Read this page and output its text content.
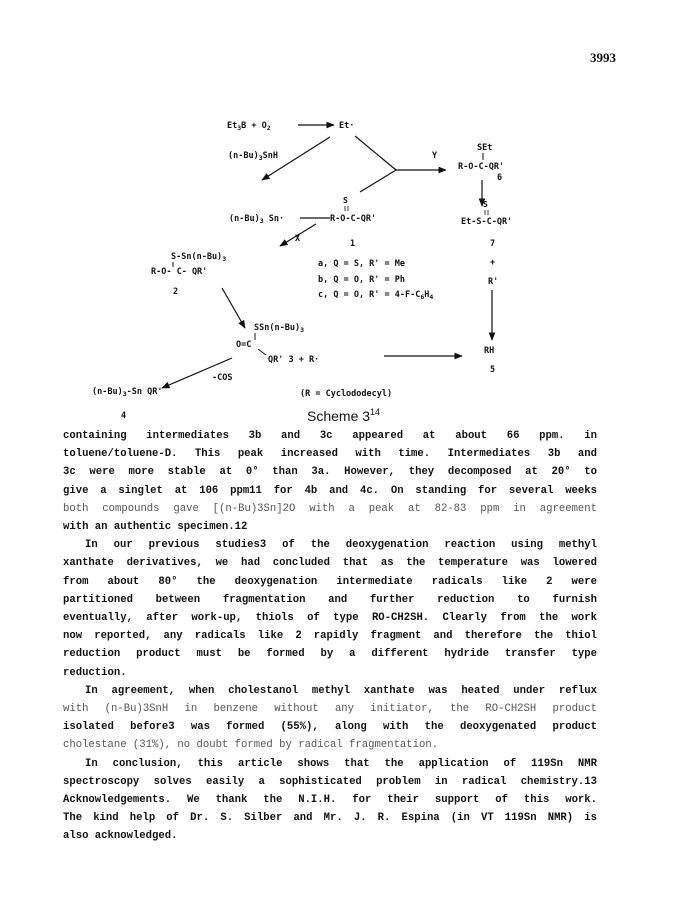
3993
$Et_3B + O_2$	Et·
$(n-Bu)_3SnH$	Y
SEt
R-O-C-QR'
6
S
Et-S-C-QR'
7
+
R'
RH
5
$(n-Bu)_3$ Sn·
S
R-O-C-QR'
1
X
$S-Sn(n-Bu)_3$
R-O- C- QR'
2
a, Q = S, R' = Me
b, Q = O, R' = Ph
c, Q = O, $R' = 4-F-C_6H_4$
$SSn(n-Bu)_3$
O=C
QR' 3 + R·
-COS
$(n-Bu)_3-Sn$ QR'
4
(R = Cyclododecyl)
Scheme $3^{14}$

containing intermediates 3b and 3c appeared at about 66 ppm. in
toluene/toluene-D. This peak increased with time. Intermediates 3b and
3c were more stable at 0° than 3a. However, they decomposed at 20° to
give a singlet at 106 ppm11 for 4b and 4c. On standing for several weeks
both compounds gave [(n-Bu)3Sn]2O with a peak at 82-83 ppm in agreement
with an authentic specimen.12

In our previous studies3 of the deoxygenation reaction using methyl
xanthate derivatives, we had concluded that as the temperature was lowered
from about 80° the deoxygenation intermediate radicals like 2 were
partitioned between fragmentation and further reduction to furnish
eventually, after work-up, thiols of type RO-CH2SH. Clearly from the work
now reported, any radicals like 2 rapidly fragment and therefore the thiol
reduction product must be formed by a different hydride transfer type
reduction.

In agreement, when cholestanol methyl xanthate was heated under reflux
with (n-Bu)3SnH in benzene without any initiator, the RO-CH2SH product
isolated before3 was formed (55%), along with the deoxygenated product
cholestane (31%), no doubt formed by radical fragmentation.

In conclusion, this article shows that the application of 119Sn NMR
spectroscopy solves easily a sophisticated problem in radical chemistry.13
Acknowledgements. We thank the N.I.H. for their support of this work.
The kind help of Dr. S. Silber and Mr. J. R. Espina (in VT 119Sn NMR) is
also acknowledged.
